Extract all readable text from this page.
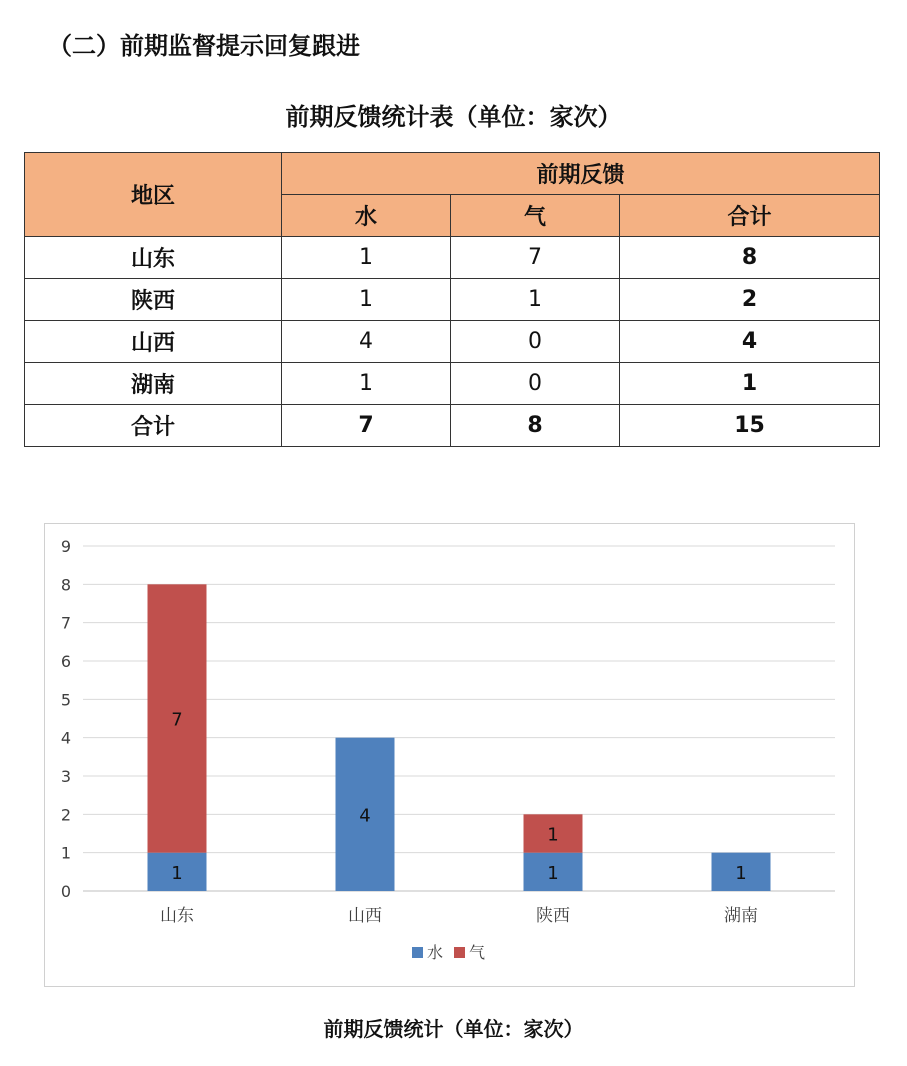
（二）前期监督提示回复跟进
前期反馈统计表（单位：家次）
地区	前期反馈		
	水	气	合计
山东	1	7	8
陕西	1	1	2
山西	4	0	4
湖南	1	0	1
合计	7	8	15
0
1
2
3
4
5
6
7
8
9
1
7
山东
4
山西
1
1
陕西
1
湖南
水 气
前期反馈统计（单位：家次）
